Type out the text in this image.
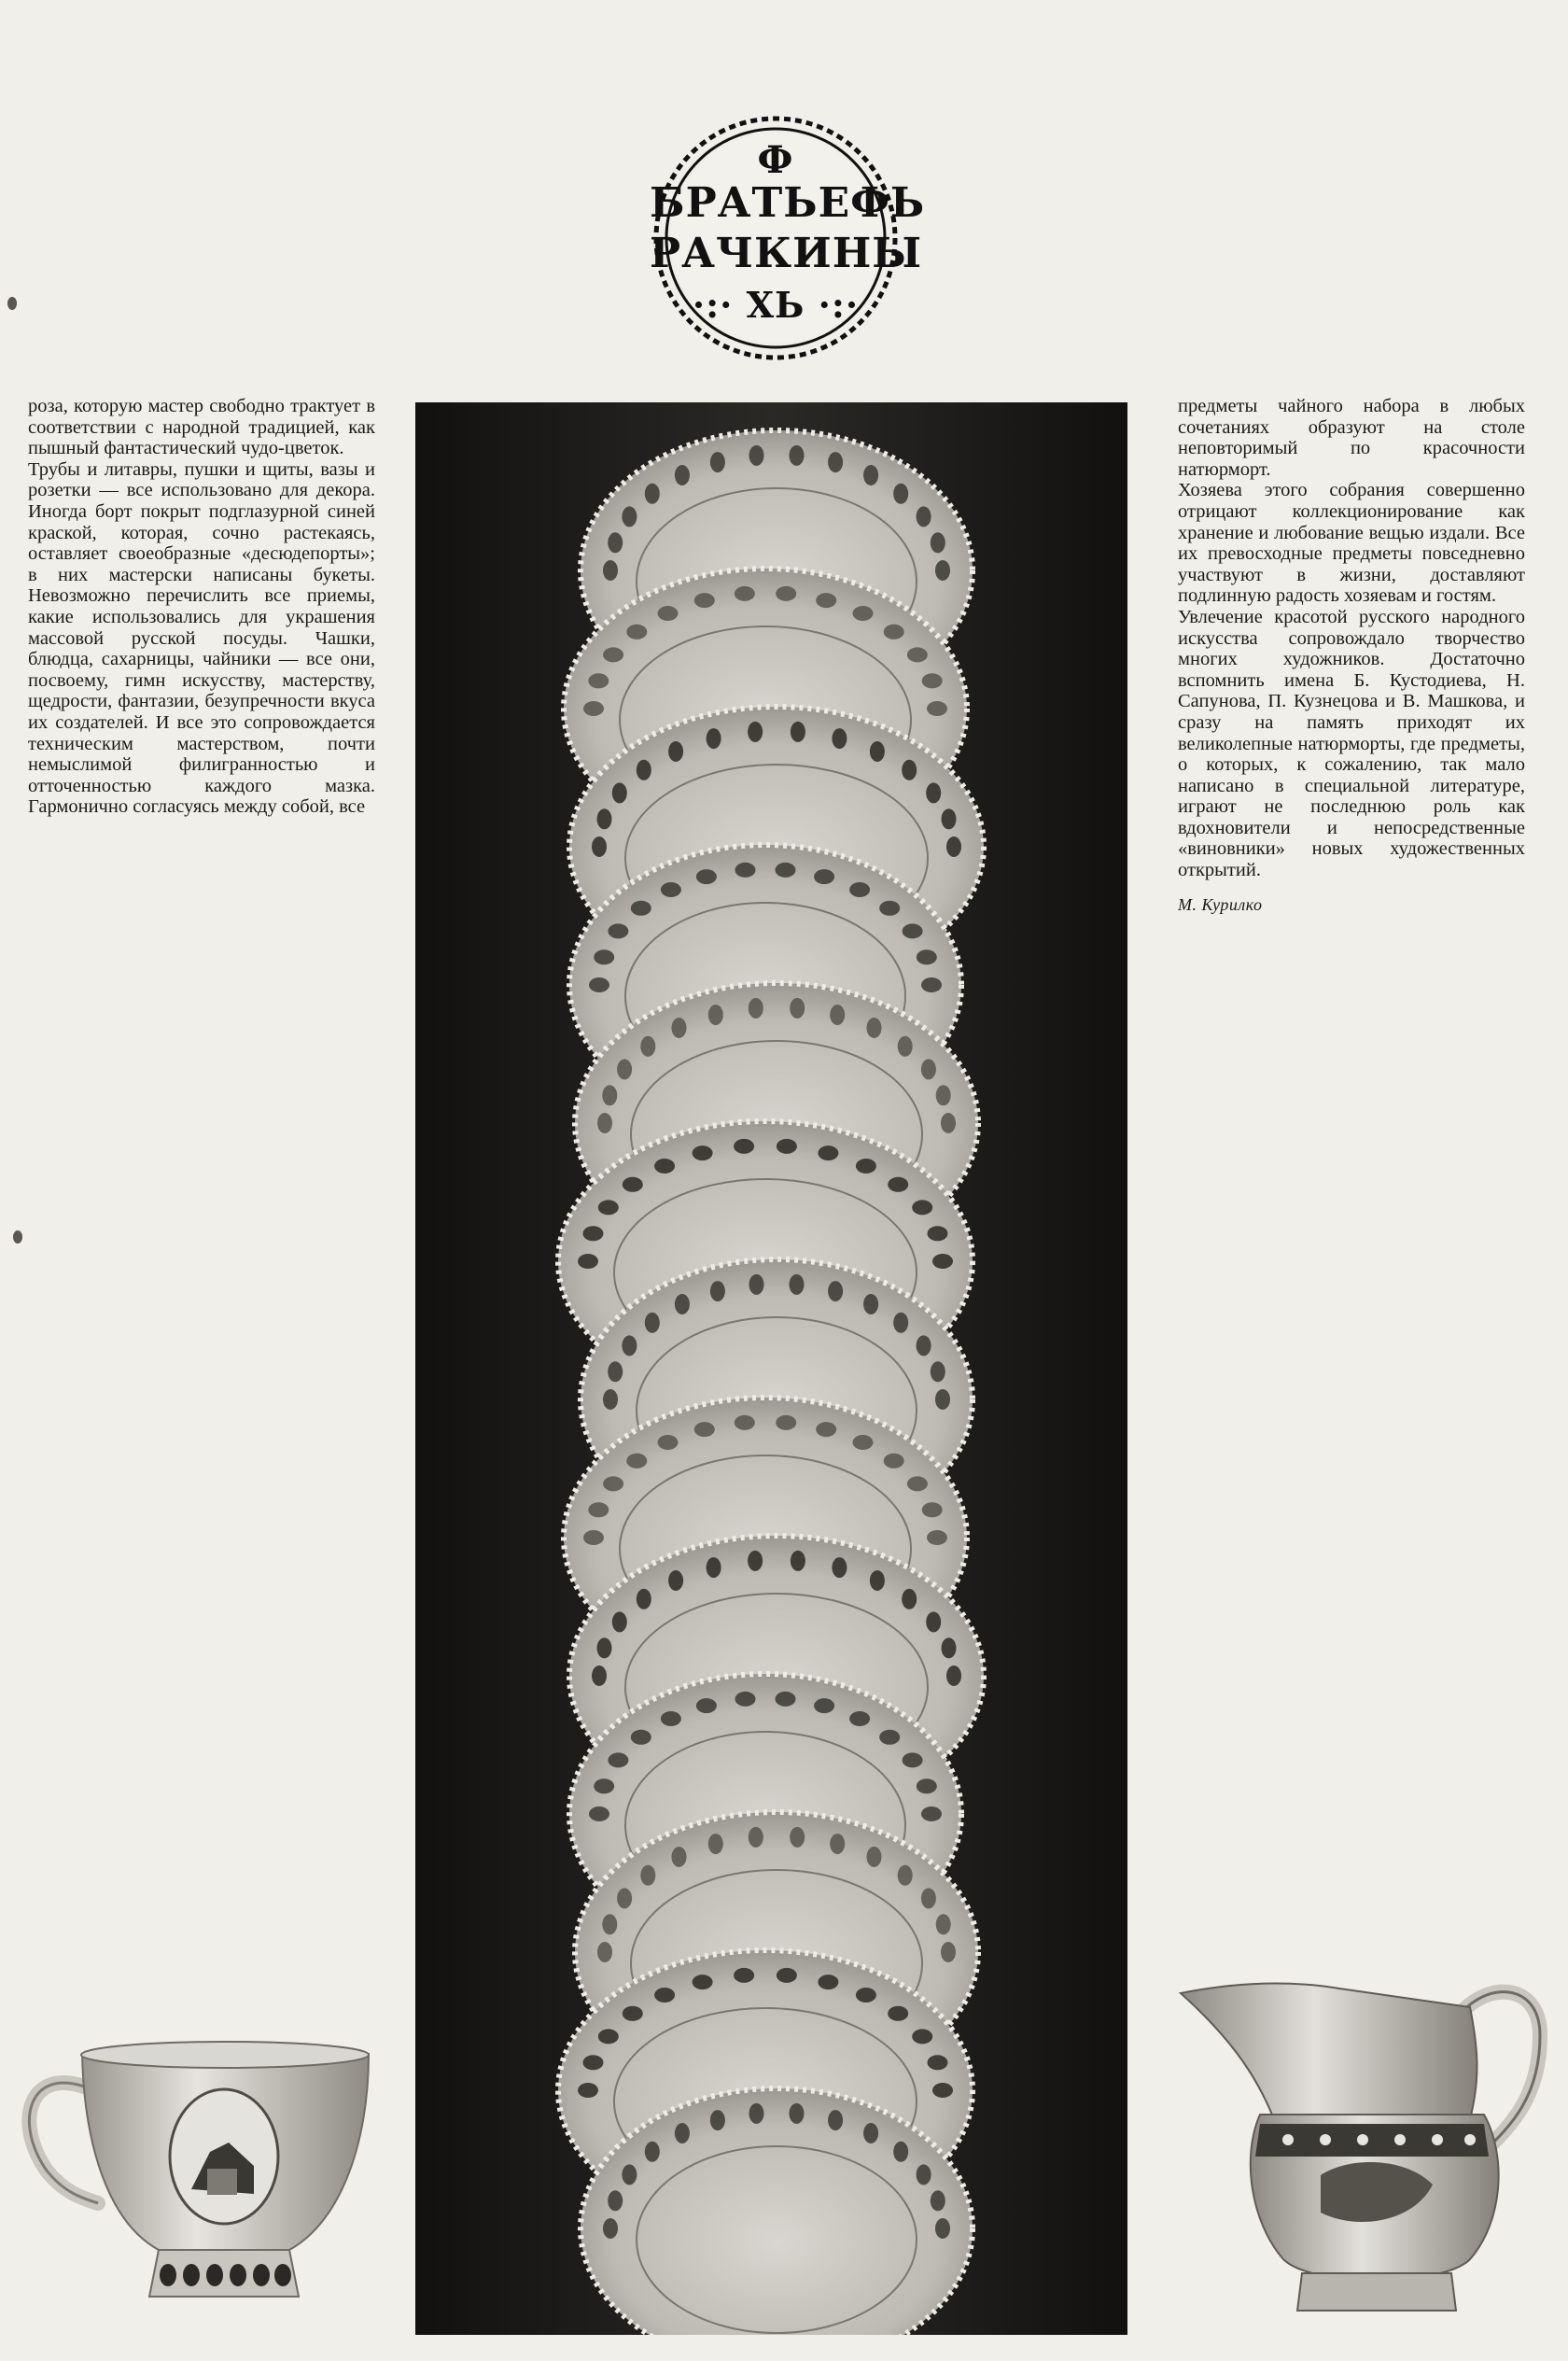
Ф
БРАТЬЕФЬ
РАЧКИНЫ
·:· ХЬ ·:·

роза, которую мастер свободно трактует в соответствии с народной традицией, как пышный фантастический чудо-цветок.

Трубы и литавры, пушки и щиты, вазы и розетки — все использовано для декора. Иногда борт покрыт подглазурной синей краской, которая, сочно растекаясь, оставляет своеобразные «десюдепорты»; в них мастерски написаны букеты. Невозможно перечислить все приемы, какие использовались для украшения массовой русской посуды. Чашки, блюдца, сахарницы, чайники — все они, посвоему, гимн искусству, мастерству, щедрости, фантазии, безупречности вкуса их создателей. И все это сопровождается техническим мастерством, почти немыслимой филигранностью и отточенностью каждого мазка. Гармонично согласуясь между собой, все

предметы чайного набора в любых сочетаниях образуют на столе неповторимый по красочности натюрморт.

Хозяева этого собрания совершенно отрицают коллекционирование как хранение и любование вещью издали. Все их превосходные предметы повседневно участвуют в жизни, доставляют подлинную радость хозяевам и гостям.

Увлечение красотой русского народного искусства сопровождало творчество многих художников. Достаточно вспомнить имена Б. Кустодиева, Н. Сапунова, П. Кузнецова и В. Машкова, и сразу на память приходят их великолепные натюрморты, где предметы, о которых, к сожалению, так мало написано в специальной литературе, играют не последнюю роль как вдохновители и непосредственные «виновники» новых художественных открытий.

М. Курилко
